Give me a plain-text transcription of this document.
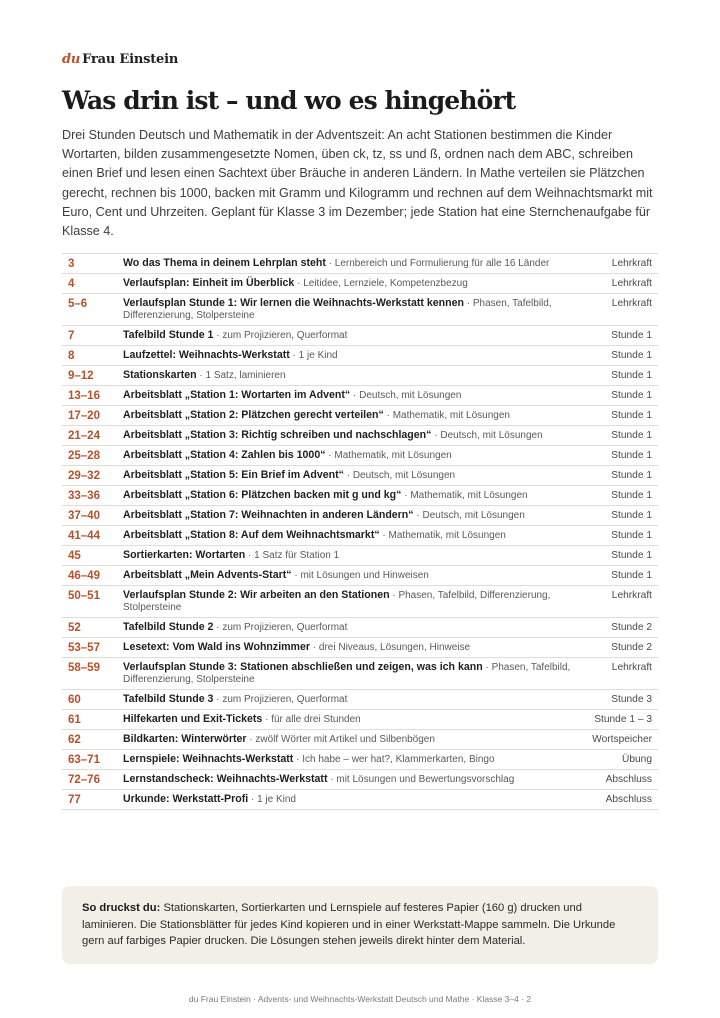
du Frau Einstein
Was drin ist – und wo es hingehört

Drei Stunden Deutsch und Mathematik in der Adventszeit: An acht Stationen bestimmen die Kinder Wortarten, bilden zusammengesetzte Nomen, üben ck, tz, ss und ß, ordnen nach dem ABC, schreiben einen Brief und lesen einen Sachtext über Bräuche in anderen Ländern. In Mathe verteilen sie Plätzchen gerecht, rechnen bis 1000, backen mit Gramm und Kilogramm und rechnen auf dem Weihnachtsmarkt mit Euro, Cent und Uhrzeiten. Geplant für Klasse 3 im Dezember; jede Station hat eine Sternchenaufgabe für Klasse 4.

3	Wo das Thema in deinem Lehrplan steht · Lernbereich und Formulierung für alle 16 Länder	Lehrkraft
4	Verlaufsplan: Einheit im Überblick · Leitidee, Lernziele, Kompetenzbezug	Lehrkraft
5–6	Verlaufsplan Stunde 1: Wir lernen die Weihnachts-Werkstatt kennen · Phasen, Tafelbild, Differenzierung, Stolpersteine	Lehrkraft
7	Tafelbild Stunde 1 · zum Projizieren, Querformat	Stunde 1
8	Laufzettel: Weihnachts-Werkstatt · 1 je Kind	Stunde 1
9–12	Stationskarten · 1 Satz, laminieren	Stunde 1
13–16	Arbeitsblatt „Station 1: Wortarten im Advent“ · Deutsch, mit Lösungen	Stunde 1
17–20	Arbeitsblatt „Station 2: Plätzchen gerecht verteilen“ · Mathematik, mit Lösungen	Stunde 1
21–24	Arbeitsblatt „Station 3: Richtig schreiben und nachschlagen“ · Deutsch, mit Lösungen	Stunde 1
25–28	Arbeitsblatt „Station 4: Zahlen bis 1000“ · Mathematik, mit Lösungen	Stunde 1
29–32	Arbeitsblatt „Station 5: Ein Brief im Advent“ · Deutsch, mit Lösungen	Stunde 1
33–36	Arbeitsblatt „Station 6: Plätzchen backen mit g und kg“ · Mathematik, mit Lösungen	Stunde 1
37–40	Arbeitsblatt „Station 7: Weihnachten in anderen Ländern“ · Deutsch, mit Lösungen	Stunde 1
41–44	Arbeitsblatt „Station 8: Auf dem Weihnachtsmarkt“ · Mathematik, mit Lösungen	Stunde 1
45	Sortierkarten: Wortarten · 1 Satz für Station 1	Stunde 1
46–49	Arbeitsblatt „Mein Advents-Start“ · mit Lösungen und Hinweisen	Stunde 1
50–51	Verlaufsplan Stunde 2: Wir arbeiten an den Stationen · Phasen, Tafelbild, Differenzierung, Stolpersteine	Lehrkraft
52	Tafelbild Stunde 2 · zum Projizieren, Querformat	Stunde 2
53–57	Lesetext: Vom Wald ins Wohnzimmer · drei Niveaus, Lösungen, Hinweise	Stunde 2
58–59	Verlaufsplan Stunde 3: Stationen abschließen und zeigen, was ich kann · Phasen, Tafelbild, Differenzierung, Stolpersteine	Lehrkraft
60	Tafelbild Stunde 3 · zum Projizieren, Querformat	Stunde 3
61	Hilfekarten und Exit-Tickets · für alle drei Stunden	Stunde 1 – 3
62	Bildkarten: Winterwörter · zwölf Wörter mit Artikel und Silbenbögen	Wortspeicher
63–71	Lernspiele: Weihnachts-Werkstatt · Ich habe – wer hat?, Klammerkarten, Bingo	Übung
72–76	Lernstandscheck: Weihnachts-Werkstatt · mit Lösungen und Bewertungsvorschlag	Abschluss
77	Urkunde: Werkstatt-Profi · 1 je Kind	Abschluss
So druckst du: Stationskarten, Sortierkarten und Lernspiele auf festeres Papier (160 g) drucken und laminieren. Die Stationsblätter für jedes Kind kopieren und in einer Werkstatt-Mappe sammeln. Die Urkunde gern auf farbiges Papier drucken. Die Lösungen stehen jeweils direkt hinter dem Material.
du Frau Einstein · Advents- und Weihnachts-Werkstatt Deutsch und Mathe · Klasse 3–4 · 2
